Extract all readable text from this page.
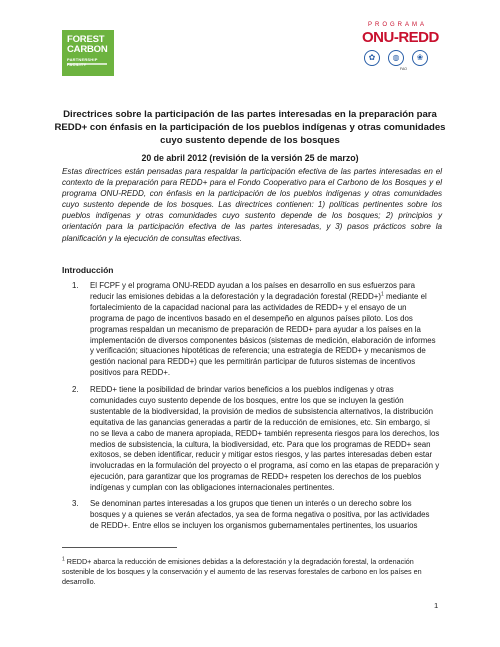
FOREST
CARBON
PARTNERSHIP
PROGRAMA
ONU-REDD
✿	◍	❀
FAO
Directrices sobre la participación de las partes interesadas en la preparación para REDD+ con énfasis en la participación de los pueblos indígenas y otras comunidades cuyo sustento depende de los bosques
20 de abril 2012 (revisión de la versión 25 de marzo)
Estas directrices están pensadas para respaldar la participación efectiva de las partes interesadas en el contexto de la preparación para REDD+ para el Fondo Cooperativo para el Carbono de los Bosques y el programa ONU-REDD, con énfasis en la participación de los pueblos indígenas y otras comunidades cuyo sustento depende de los bosques. Las directrices contienen: 1) políticas pertinentes sobre los pueblos indígenas y otras comunidades cuyo sustento depende de los bosques; 2) principios y orientación para la participación efectiva de las partes interesadas, y 3) pasos prácticos sobre la planificación y la ejecución de consultas efectivas.
Introducción
1. El FCPF y el programa ONU-REDD ayudan a los países en desarrollo en sus esfuerzos para reducir las emisiones debidas a la deforestación y la degradación forestal (REDD+)$^1$ mediante el fortalecimiento de la capacidad nacional para las actividades de REDD+ y el ensayo de un programa de pago de incentivos basado en el desempeño en algunos países piloto. Los dos programas respaldan un mecanismo de preparación de REDD+ para ayudar a los países en la implementación de diversos componentes básicos (sistemas de medición, elaboración de informes y verificación; situaciones hipotéticas de referencia; una estrategia de REDD+ y mecanismos de gestión nacional para REDD+) que les permitirán participar de futuros sistemas de incentivos positivos para REDD+.
2. REDD+ tiene la posibilidad de brindar varios beneficios a los pueblos indígenas y otras comunidades cuyo sustento depende de los bosques, entre los que se incluyen la gestión sustentable de la biodiversidad, la provisión de medios de subsistencia alternativos, la distribución equitativa de las ganancias generadas a partir de la reducción de emisiones, etc. Sin embargo, si no se lleva a cabo de manera apropiada, REDD+ también representa riesgos para los derechos, los medios de subsistencia, la cultura, la biodiversidad, etc. Para que los programas de REDD+ sean exitosos, se deben identificar, reducir y mitigar estos riesgos, y las partes interesadas deben estar involucradas en la formulación del proyecto o el programa, así como en las etapas de preparación y ejecución, para garantizar que los programas de REDD+ respeten los derechos de los pueblos indígenas y cumplan con las obligaciones internacionales pertinentes.
3. Se denominan partes interesadas a los grupos que tienen un interés o un derecho sobre los bosques y a quienes se verán afectados, ya sea de forma negativa o positiva, por las actividades de REDD+. Entre ellos se incluyen los organismos gubernamentales pertinentes, los usuarios
$^1$ REDD+ abarca la reducción de emisiones debidas a la deforestación y la degradación forestal, la ordenación sostenible de los bosques y la conservación y el aumento de las reservas forestales de carbono en los países en desarrollo.
1
